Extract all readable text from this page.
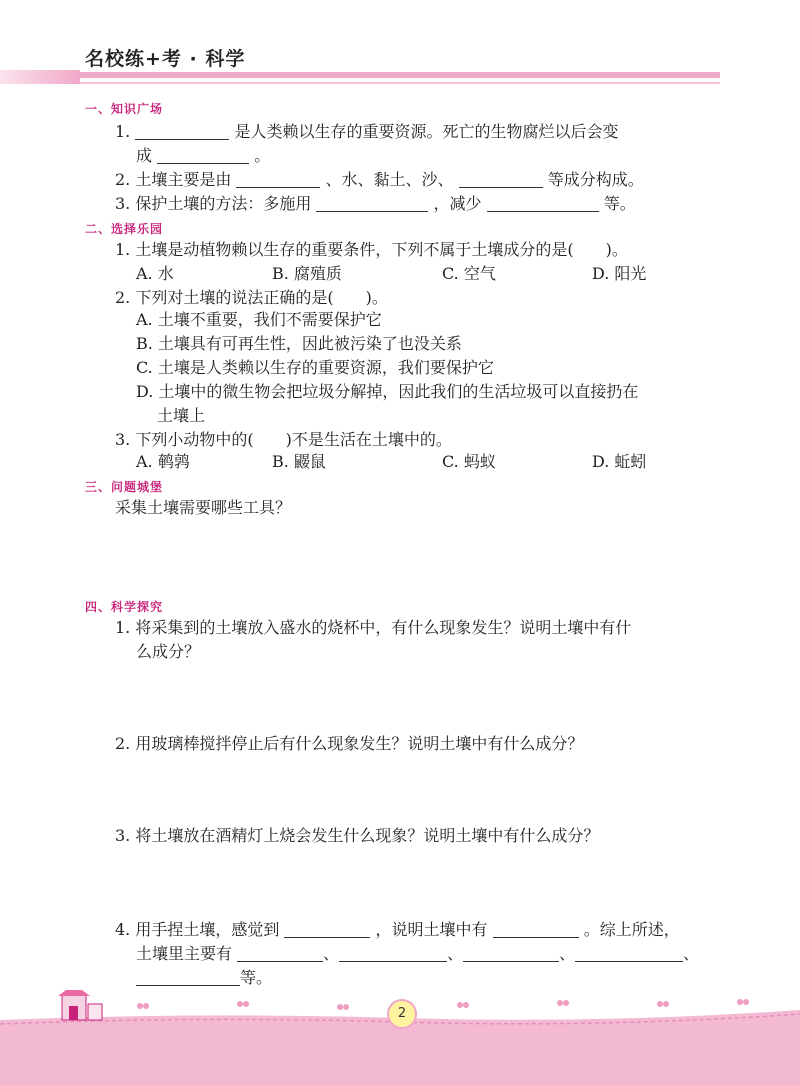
名校练+考 · 科学
一、知识广场
1.	是人类赖以生存的重要资源。死亡的生物腐烂以后会变
成	。
2. 土壤主要是由	、水、黏土、沙、	等成分构成。
3. 保护土壤的方法：多施用	，减少	等。
二、选择乐园
1. 土壤是动植物赖以生存的重要条件，下列不属于土壤成分的是(　　)。
A. 水	B. 腐殖质	C. 空气	D. 阳光
2. 下列对土壤的说法正确的是(　　)。
A. 土壤不重要，我们不需要保护它
B. 土壤具有可再生性，因此被污染了也没关系
C. 土壤是人类赖以生存的重要资源，我们要保护它
D. 土壤中的微生物会把垃圾分解掉，因此我们的生活垃圾可以直接扔在
土壤上
3. 下列小动物中的(　　)不是生活在土壤中的。
A. 鹌鹑	B. 鼹鼠	C. 蚂蚁	D. 蚯蚓
三、问题城堡
采集土壤需要哪些工具？
四、科学探究
1. 将采集到的土壤放入盛水的烧杯中，有什么现象发生？说明土壤中有什
么成分？
2. 用玻璃棒搅拌停止后有什么现象发生？说明土壤中有什么成分？
3. 将土壤放在酒精灯上烧会发生什么现象？说明土壤中有什么成分？
4. 用手捏土壤，感觉到	，说明土壤中有	。综上所述，
土壤里主要有	、	、	、	、
等。
2
